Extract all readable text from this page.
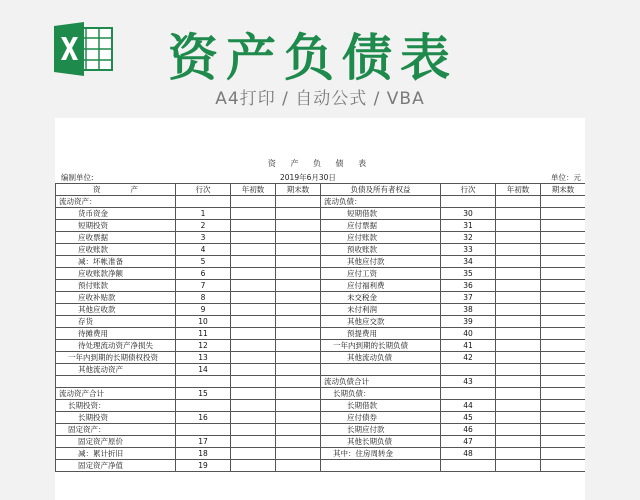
资产负债表
A4打印 / 自动公式 / VBA
资 产 负 债 表
编制单位:	2019年6月30日	单位：元
资　　　　产	行次	年初数	期末数	负债及所有者权益	行次	年初数	期末数
流动资产：				流动负债：			
货币资金	1			短期借款	30		
短期投资	2			应付票据	31		
应收票据	3			应付账款	32		
应收账款	4			预收账款	33		
减：坏帐准备	5			其他应付款	34		
应收账款净额	6			应付工资	35		
预付账款	7			应付福利费	36		
应收补贴款	8			未交税金	37		
其他应收款	9			未付利润	38		
存货	10			其他应交款	39		
待摊费用	11			预提费用	40		
待处理流动资产净损失	12			一年内到期的长期负债	41		
一年内到期的长期债权投资	13			其他流动负债	42		
其他流动资产	14						
				流动负债合计	43		
流动资产合计	15			长期负债：			
长期投资：				长期借款	44		
长期投资	16			应付债券	45		
固定资产：				长期应付款	46		
固定资产原价	17			其他长期负债	47		
减：累计折旧	18			其中：住房周转金	48		
固定资产净值	19						
